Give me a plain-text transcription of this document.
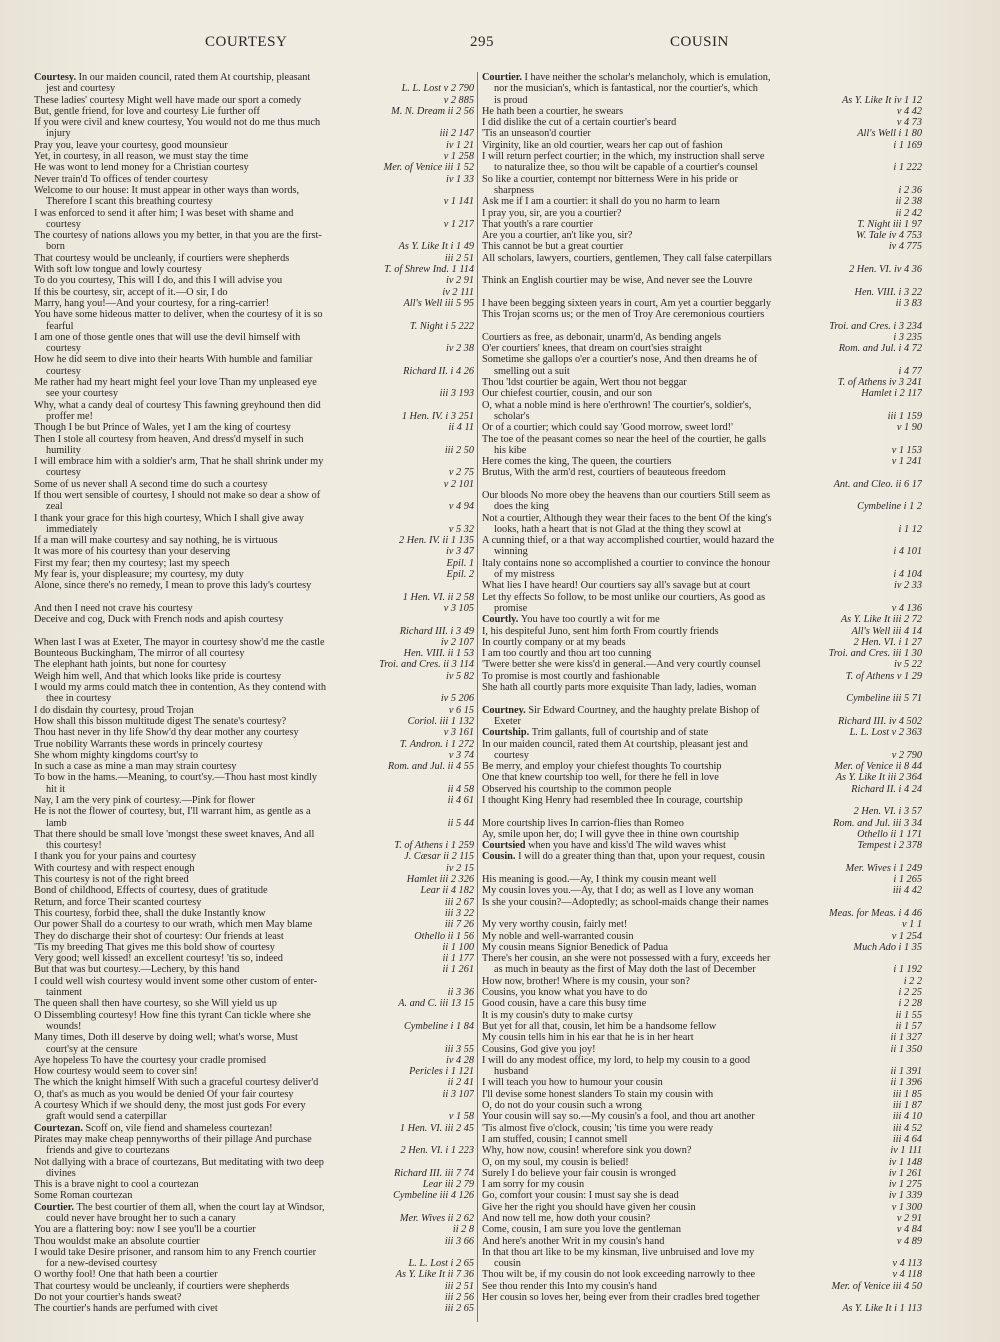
COURTESY	295	COUSIN
Courtesy. In our maiden council, rated them At courtship, pleasant
L. L. Lost v 2 790
jest and courtesy
v 2 885
These ladies' courtesy Might well have made our sport a comedy
M. N. Dream ii 2 56
But, gentle friend, for love and courtesy Lie further off
If you were civil and knew courtesy, You would not do me thus much
iii 2 147
injury
iv 1 21
Pray you, leave your courtesy, good mounsieur
v 1 258
Yet, in courtesy, in all reason, we must stay the time
Mer. of Venice iii 1 52
He was wont to lend money for a Christian courtesy
iv 1 33
Never train'd To offices of tender courtesy
Welcome to our house: It must appear in other ways than words,
v 1 141
Therefore I scant this breathing courtesy
I was enforced to send it after him; I was beset with shame and
v 1 217
courtesy
The courtesy of nations allows you my better, in that you are the first-
As Y. Like It i 1 49
born
iii 2 51
That courtesy would be uncleanly, if courtiers were shepherds
T. of Shrew Ind. 1 114
With soft low tongue and lowly courtesy
iv 2 91
To do you courtesy, This will I do, and this I will advise you
iv 2 111
If this be courtesy, sir, accept of it.—O sir, I do
All's Well iii 5 95
Marry, hang you!—And your courtesy, for a ring-carrier!
You have some hideous matter to deliver, when the courtesy of it is so
T. Night i 5 222
fearful
I am one of those gentle ones that will use the devil himself with
iv 2 38
courtesy
How he did seem to dive into their hearts With humble and familiar
Richard II. i 4 26
courtesy
Me rather had my heart might feel your love Than my unpleased eye
iii 3 193
see your courtesy
Why, what a candy deal of courtesy This fawning greyhound then did
1 Hen. IV. i 3 251
proffer me!
ii 4 11
Though I be but Prince of Wales, yet I am the king of courtesy
Then I stole all courtesy from heaven, And dress'd myself in such
iii 2 50
humility
I will embrace him with a soldier's arm, That he shall shrink under my
v 2 75
courtesy
v 2 101
Some of us never shall A second time do such a courtesy
If thou wert sensible of courtesy, I should not make so dear a show of
v 4 94
zeal
I thank your grace for this high courtesy, Which I shall give away
v 5 32
immediately
2 Hen. IV. ii 1 135
If a man will make courtesy and say nothing, he is virtuous
iv 3 47
It was more of his courtesy than your deserving
Epil. 1
First my fear; then my courtesy; last my speech
Epil. 2
My fear is, your displeasure; my courtesy, my duty
Alone, since there's no remedy, I mean to prove this lady's courtesy
1 Hen. VI. ii 2 58
v 3 105
And then I need not crave his courtesy
Deceive and cog, Duck with French nods and apish courtesy
Richard III. i 3 49
iv 2 107
When last I was at Exeter, The mayor in courtesy show'd me the castle
Hen. VIII. ii 1 53
Bounteous Buckingham, The mirror of all courtesy
Troi. and Cres. ii 3 114
The elephant hath joints, but none for courtesy
iv 5 82
Weigh him well, And that which looks like pride is courtesy
I would my arms could match thee in contention, As they contend with
iv 5 206
thee in courtesy
v 6 15
I do disdain thy courtesy, proud Trojan
Coriol. iii 1 132
How shall this bisson multitude digest The senate's courtesy?
v 3 161
Thou hast never in thy life Show'd thy dear mother any courtesy
T. Andron. i 1 272
True nobility Warrants these words in princely courtesy
v 3 74
She whom mighty kingdoms court'sy to
Rom. and Jul. ii 4 55
In such a case as mine a man may strain courtesy
To bow in the hams.—Meaning, to court'sy.—Thou hast most kindly
ii 4 58
hit it
ii 4 61
Nay, I am the very pink of courtesy.—Pink for flower
He is not the flower of courtesy, but, I'll warrant him, as gentle as a
ii 5 44
lamb
That there should be small love 'mongst these sweet knaves, And all
T. of Athens i 1 259
this courtesy!
J. Cæsar ii 2 115
I thank you for your pains and courtesy
iv 2 15
With courtesy and with respect enough
Hamlet iii 2 326
This courtesy is not of the right breed
Lear ii 4 182
Bond of childhood, Effects of courtesy, dues of gratitude
iii 2 67
Return, and force Their scanted courtesy
iii 3 22
This courtesy, forbid thee, shall the duke Instantly know
iii 7 26
Our power Shall do a courtesy to our wrath, which men May blame
Othello ii 1 56
They do discharge their shot of courtesy: Our friends at least
ii 1 100
'Tis my breeding That gives me this bold show of courtesy
ii 1 177
Very good; well kissed! an excellent courtesy! 'tis so, indeed
ii 1 261
But that was but courtesy.—Lechery, by this hand
I could well wish courtesy would invent some other custom of enter-
ii 3 36
tainment
A. and C. iii 13 15
The queen shall then have courtesy, so she Will yield us up
O Dissembling courtesy! How fine this tyrant Can tickle where she
Cymbeline i 1 84
wounds!
Many times, Doth ill deserve by doing well; what's worse, Must
iii 3 55
court'sy at the censure
iv 4 28
Aye hopeless To have the courtesy your cradle promised
Pericles i 1 121
How courtesy would seem to cover sin!
ii 2 41
The which the knight himself With such a graceful courtesy deliver'd
ii 3 107
O, that's as much as you would be denied Of your fair courtesy
A courtesy Which if we should deny, the most just gods For every
v 1 58
graft would send a caterpillar
1 Hen. VI. iii 2 45
Courtezan. Scoff on, vile fiend and shameless courtezan!
Pirates may make cheap pennyworths of their pillage And purchase
2 Hen. VI. i 1 223
friends and give to courtezans
Not dallying with a brace of courtezans, But meditating with two deep
Richard III. iii 7 74
divines
Lear iii 2 79
This is a brave night to cool a courtezan
Cymbeline iii 4 126
Some Roman courtezan
Courtier. The best courtier of them all, when the court lay at Windsor,
Mer. Wives ii 2 62
could never have brought her to such a canary
ii 2 8
You are a flattering boy: now I see you'll be a courtier
iii 3 66
Thou wouldst make an absolute courtier
I would take Desire prisoner, and ransom him to any French courtier
L. L. Lost i 2 65
for a new-devised courtesy
As Y. Like It ii 7 36
O worthy fool! One that hath been a courtier
iii 2 51
That courtesy would be uncleanly, if courtiers were shepherds
iii 2 56
Do not your courtier's hands sweat?
iii 2 65
The courtier's hands are perfumed with civet
Courtier. I have neither the scholar's melancholy, which is emulation,
nor the musician's, which is fantastical, nor the courtier's, which
As Y. Like It iv 1 12
is proud
v 4 42
He hath been a courtier, he swears
v 4 73
I did dislike the cut of a certain courtier's beard
All's Well i 1 80
'Tis an unseason'd courtier
i 1 169
Virginity, like an old courtier, wears her cap out of fashion
I will return perfect courtier; in the which, my instruction shall serve
i 1 222
to naturalize thee, so thou wilt be capable of a courtier's counsel
So like a courtier, contempt nor bitterness Were in his pride or
i 2 36
sharpness
ii 2 38
Ask me if I am a courtier: it shall do you no harm to learn
ii 2 42
I pray you, sir, are you a courtier?
T. Night iii 1 97
That youth's a rare courtier
W. Tale iv 4 753
Are you a courtier, an't like you, sir?
iv 4 775
This cannot be but a great courtier
All scholars, lawyers, courtiers, gentlemen, They call false caterpillars
2 Hen. VI. iv 4 36
Think an English courtier may be wise, And never see the Louvre
Hen. VIII. i 3 22
ii 3 83
I have been begging sixteen years in court, Am yet a courtier beggarly
This Trojan scorns us; or the men of Troy Are ceremonious courtiers
Troi. and Cres. i 3 234
i 3 235
Courtiers as free, as debonair, unarm'd, As bending angels
Rom. and Jul. i 4 72
O'er courtiers' knees, that dream on court'sies straight
Sometime she gallops o'er a courtier's nose, And then dreams he of
i 4 77
smelling out a suit
T. of Athens iv 3 241
Thou 'ldst courtier be again, Wert thou not beggar
Hamlet i 2 117
Our chiefest courtier, cousin, and our son
O, what a noble mind is here o'erthrown! The courtier's, soldier's,
iii 1 159
scholar's
v 1 90
Or of a courtier; which could say 'Good morrow, sweet lord!'
The toe of the peasant comes so near the heel of the courtier, he galls
v 1 153
his kibe
v 1 241
Here comes the king, The queen, the courtiers
Brutus, With the arm'd rest, courtiers of beauteous freedom
Ant. and Cleo. ii 6 17
Our bloods No more obey the heavens than our courtiers Still seem as
Cymbeline i 1 2
does the king
Not a courtier, Although they wear their faces to the bent Of the king's
i 1 12
looks, hath a heart that is not Glad at the thing they scowl at
A cunning thief, or a that way accomplished courtier, would hazard the
i 4 101
winning
Italy contains none so accomplished a courtier to convince the honour
i 4 104
of my mistress
iv 2 33
What lies I have heard! Our courtiers say all's savage but at court
Let thy effects So follow, to be most unlike our courtiers, As good as
v 4 136
promise
As Y. Like It iii 2 72
Courtly. You have too courtly a wit for me
All's Well iii 4 14
I, his despiteful Juno, sent him forth From courtly friends
2 Hen. VI. i 1 27
In courtly company or at my beads
Troi. and Cres. iii 1 30
I am too courtly and thou art too cunning
iv 5 22
'Twere better she were kiss'd in general.—And very courtly counsel
T. of Athens v 1 29
To promise is most courtly and fashionable
She hath all courtly parts more exquisite Than lady, ladies, woman
Cymbeline iii 5 71
Courtney. Sir Edward Courtney, and the haughty prelate Bishop of
Richard III. iv 4 502
Exeter
L. L. Lost v 2 363
Courtship. Trim gallants, full of courtship and of state
In our maiden council, rated them At courtship, pleasant jest and
v 2 790
courtesy
Mer. of Venice ii 8 44
Be merry, and employ your chiefest thoughts To courtship
As Y. Like It iii 2 364
One that knew courtship too well, for there he fell in love
Richard II. i 4 24
Observed his courtship to the common people
I thought King Henry had resembled thee In courage, courtship
2 Hen. VI. i 3 57
Rom. and Jul. iii 3 34
More courtship lives In carrion-flies than Romeo
Othello ii 1 171
Ay, smile upon her, do; I will gyve thee in thine own courtship
Tempest i 2 378
Courtsied when you have and kiss'd The wild waves whist
Cousin. I will do a greater thing than that, upon your request, cousin
Mer. Wives i 1 249
i 1 265
His meaning is good.—Ay, I think my cousin meant well
iii 4 42
My cousin loves you.—Ay, that I do; as well as I love any woman
Is she your cousin?—Adoptedly; as school-maids change their names
Meas. for Meas. i 4 46
v 1 1
My very worthy cousin, fairly met!
v 1 254
My noble and well-warranted cousin
Much Ado i 1 35
My cousin means Signior Benedick of Padua
There's her cousin, an she were not possessed with a fury, exceeds her
i 1 192
as much in beauty as the first of May doth the last of December
i 2 2
How now, brother! Where is my cousin, your son?
i 2 25
Cousins, you know what you have to do
i 2 28
Good cousin, have a care this busy time
ii 1 55
It is my cousin's duty to make curtsy
ii 1 57
But yet for all that, cousin, let him be a handsome fellow
ii 1 327
My cousin tells him in his ear that he is in her heart
ii 1 350
Cousins, God give you joy!
I will do any modest office, my lord, to help my cousin to a good
ii 1 391
husband
ii 1 396
I will teach you how to humour your cousin
iii 1 85
I'll devise some honest slanders To stain my cousin with
iii 1 87
O, do not do your cousin such a wrong
iii 4 10
Your cousin will say so.—My cousin's a fool, and thou art another
iii 4 52
'Tis almost five o'clock, cousin; 'tis time you were ready
iii 4 64
I am stuffed, cousin; I cannot smell
iv 1 111
Why, how now, cousin! wherefore sink you down?
iv 1 148
O, on my soul, my cousin is belied!
iv 1 261
Surely I do believe your fair cousin is wronged
iv 1 275
I am sorry for my cousin
iv 1 339
Go, comfort your cousin: I must say she is dead
v 1 300
Give her the right you should have given her cousin
v 2 91
And now tell me, how doth your cousin?
v 4 84
Come, cousin, I am sure you love the gentleman
v 4 89
And here's another Writ in my cousin's hand
In that thou art like to be my kinsman, live unbruised and love my
v 4 113
cousin
v 4 118
Thou wilt be, if my cousin do not look exceeding narrowly to thee
Mer. of Venice iii 4 50
See thou render this Into my cousin's hand
Her cousin so loves her, being ever from their cradles bred together
As Y. Like It i 1 113
